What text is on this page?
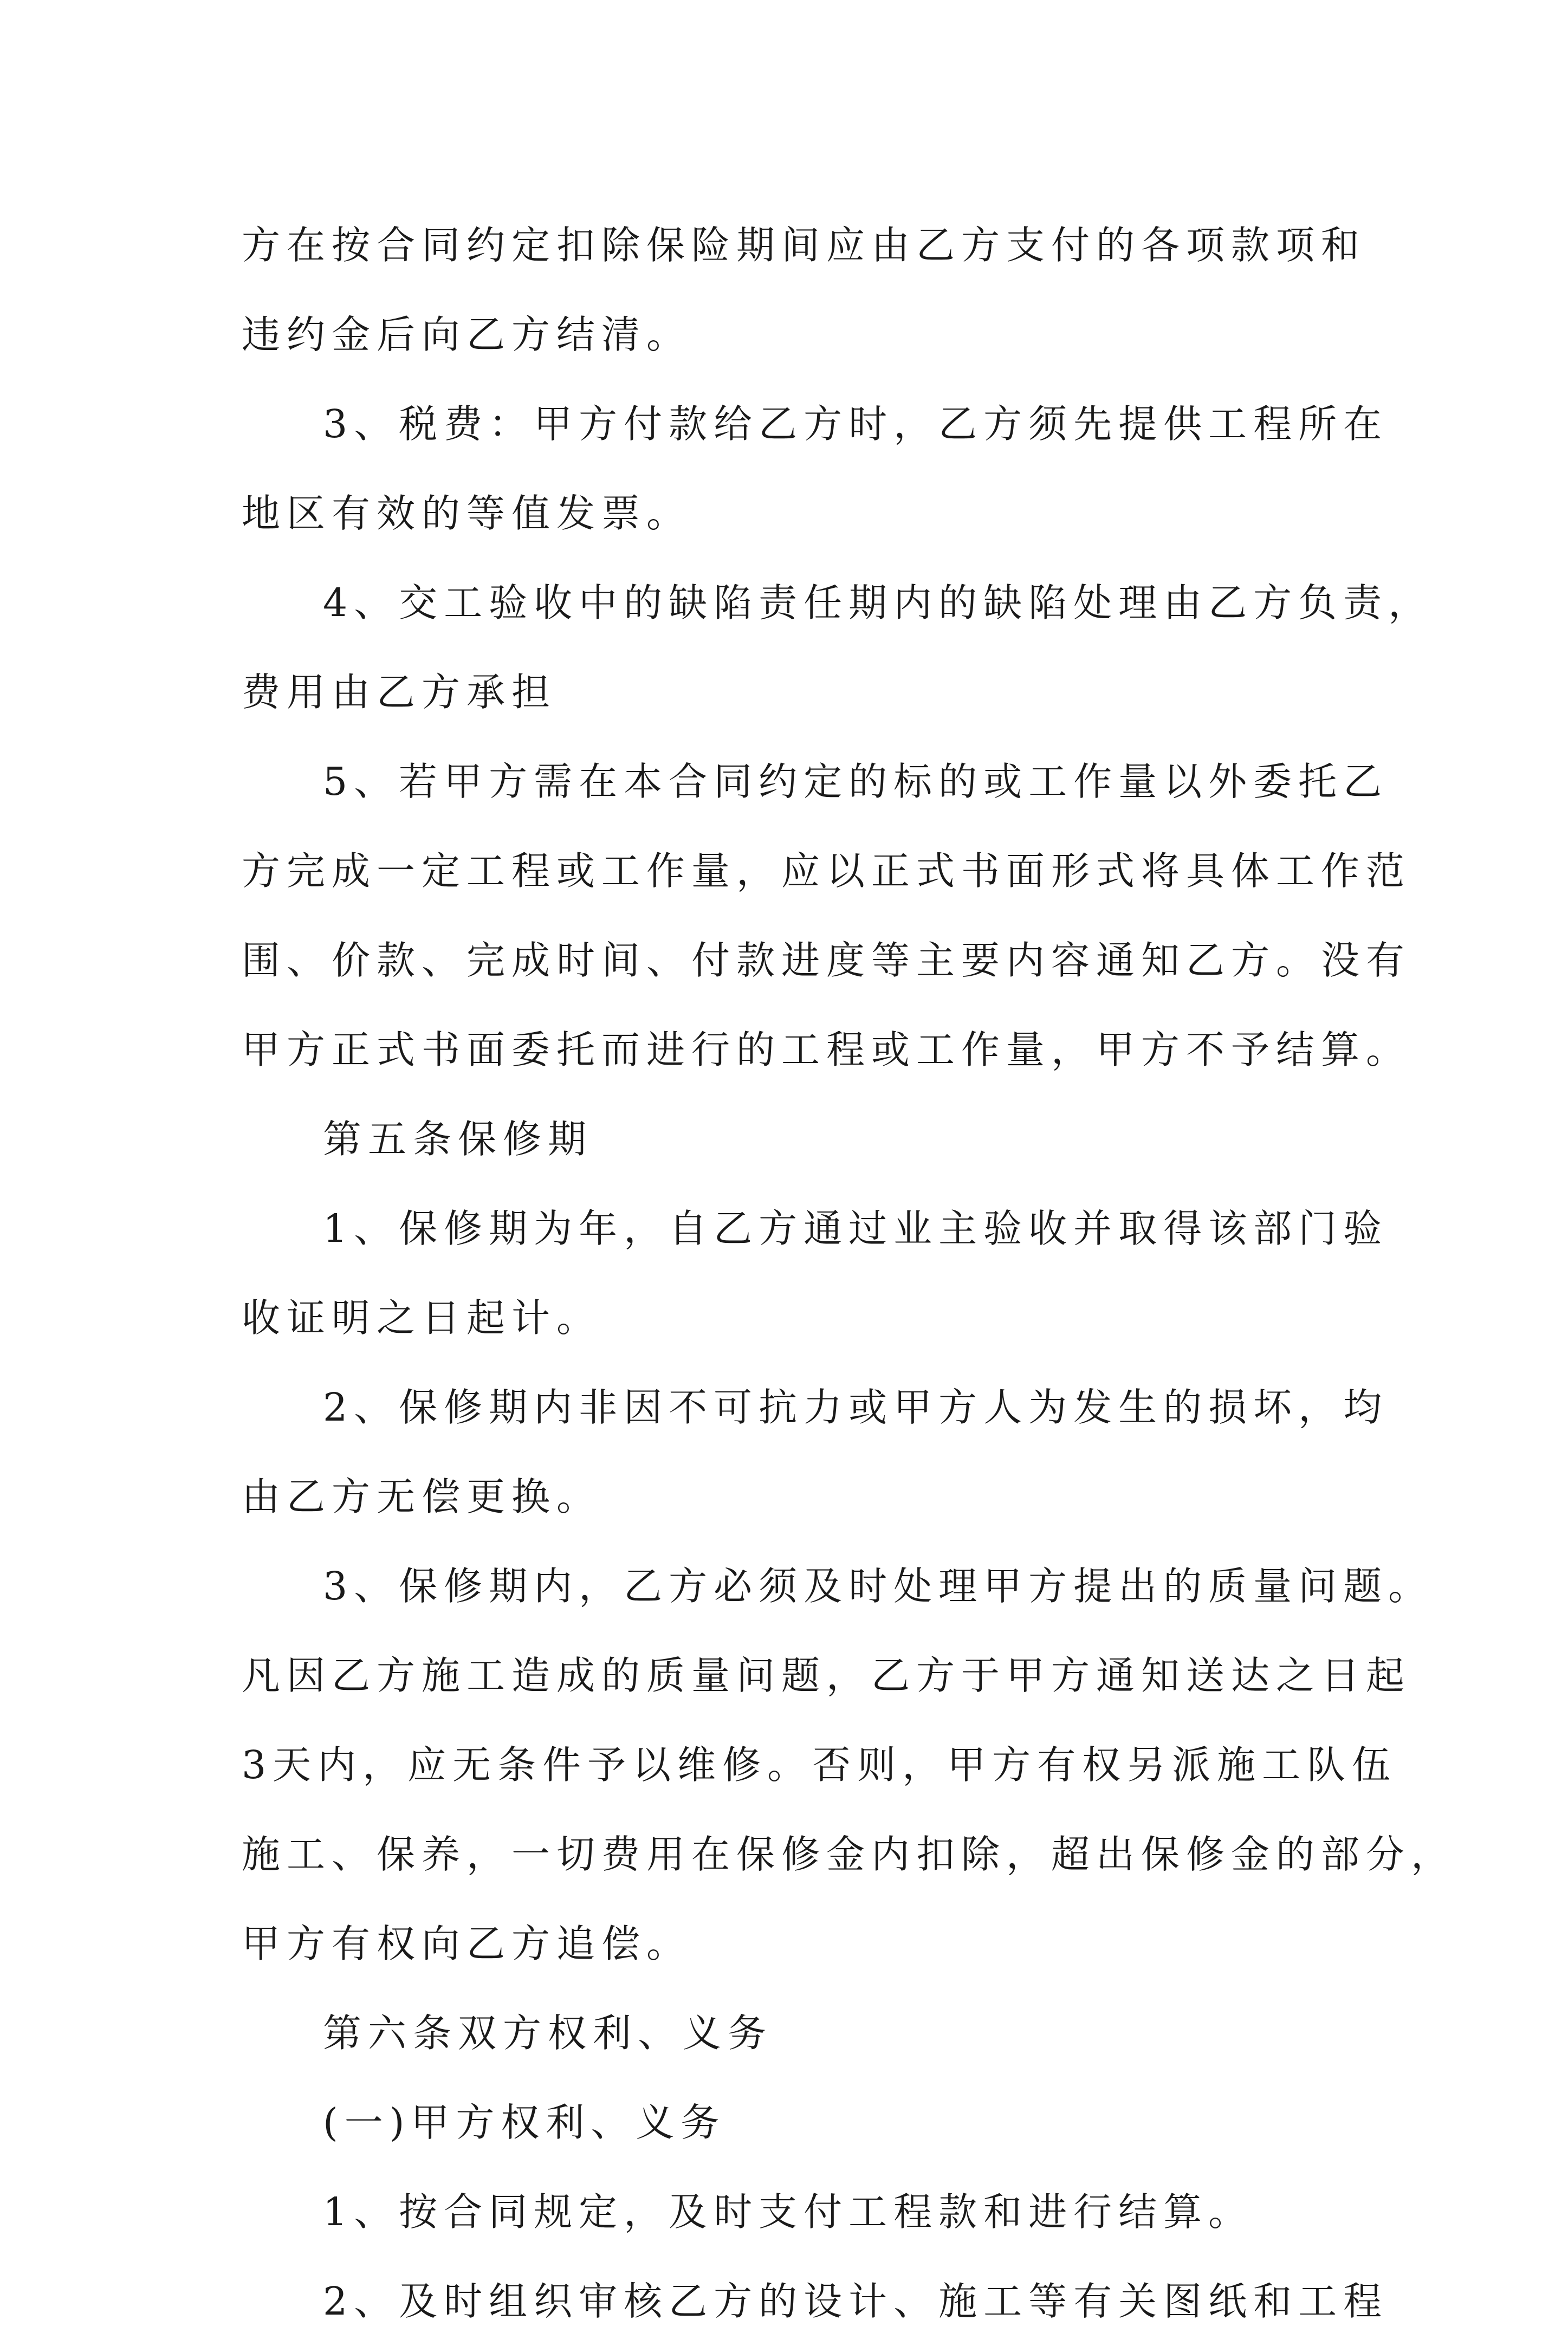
方在按合同约定扣除保险期间应由乙方支付的各项款项和
违约金后向乙方结清。
3、税费：甲方付款给乙方时，乙方须先提供工程所在
地区有效的等值发票。
4、交工验收中的缺陷责任期内的缺陷处理由乙方负责，
费用由乙方承担
5、若甲方需在本合同约定的标的或工作量以外委托乙
方完成一定工程或工作量，应以正式书面形式将具体工作范
围、价款、完成时间、付款进度等主要内容通知乙方。没有
甲方正式书面委托而进行的工程或工作量，甲方不予结算。
第五条保修期
1、保修期为年，自乙方通过业主验收并取得该部门验
收证明之日起计。
2、保修期内非因不可抗力或甲方人为发生的损坏，均
由乙方无偿更换。
3、保修期内，乙方必须及时处理甲方提出的质量问题。
凡因乙方施工造成的质量问题，乙方于甲方通知送达之日起
3天内，应无条件予以维修。否则，甲方有权另派施工队伍
施工、保养，一切费用在保修金内扣除，超出保修金的部分，
甲方有权向乙方追偿。
第六条双方权利、义务
(一)甲方权利、义务
1、按合同规定，及时支付工程款和进行结算。
2、及时组织审核乙方的设计、施工等有关图纸和工程
